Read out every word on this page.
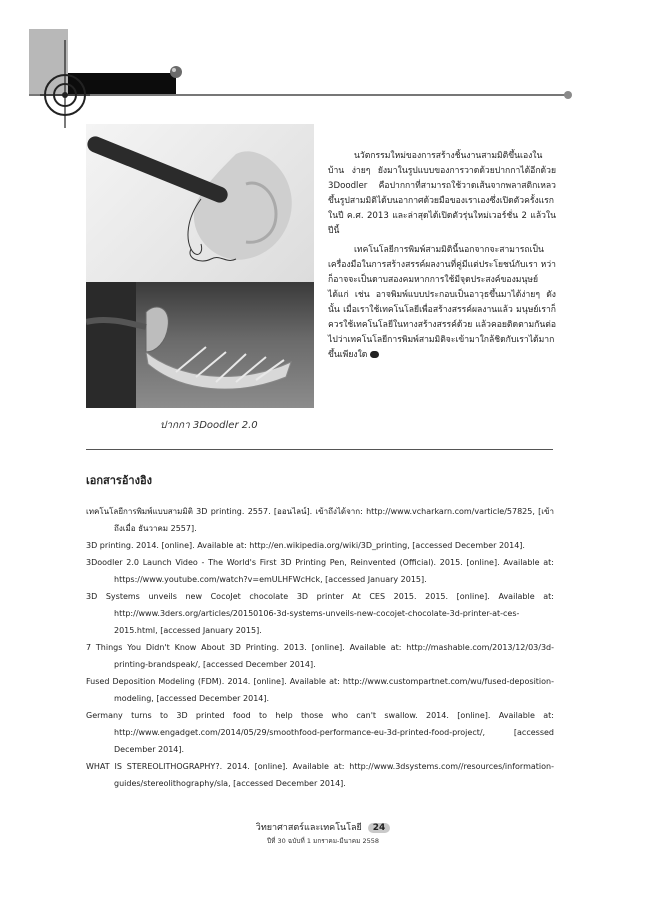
ปากกา 3Doodler 2.0
นวัตกรรมใหม่ของการสร้างชิ้นงานสามมิติขึ้นเองในบ้าน ง่ายๆ ยังมาในรูปแบบของการวาดด้วยปากกาได้อีกด้วย 3Doodler คือปากกาที่สามารถใช้วาดเส้นจากพลาสติกเหลวขึ้นรูปสามมิติได้บนอากาศด้วยมือของเราเองซึ่งเปิดตัวครั้งแรกในปี ค.ศ. 2013 และล่าสุดได้เปิดตัวรุ่นใหม่เวอร์ชั่น 2 แล้วในปีนี้
เทคโนโลยีการพิมพ์สามมิตินี้นอกจากจะสามารถเป็นเครื่องมือในการสร้างสรรค์ผลงานที่คู่มีแต่ประโยชน์กับเรา หว่าก็อาจจะเป็นดาบสองคมหากการใช้มีจุดประสงค์ของมนุษย์ได้แก่ เช่น อาจพิมพ์แบบประกอบเป็นอาวุธขึ้นมาได้ง่ายๆ ดังนั้น เมื่อเราใช้เทคโนโลยีเพื่อสร้างสรรค์ผลงานแล้ว มนุษย์เราก็ควรใช้เทคโนโลยีในทางสร้างสรรค์ด้วย แล้วคอยติดตามกันต่อไปว่าเทคโนโลยีการพิมพ์สามมิติจะเข้ามาใกล้ชิดกับเราได้มากขึ้นเพียงใด
เอกสารอ้างอิง
เทคโนโลยีการพิมพ์แบบสามมิติ 3D printing. 2557. [ออนไลน์]. เข้าถึงได้จาก: http://www.vcharkarn.com/varticle/57825, [เข้าถึงเมื่อ ธันวาคม 2557].
3D printing. 2014. [online]. Available at: http://en.wikipedia.org/wiki/3D_printing, [accessed December 2014].
3Doodler 2.0 Launch Video - The World's First 3D Printing Pen, Reinvented (Official). 2015. [online]. Available at: https://www.youtube.com/watch?v=emULHFWcHck, [accessed January 2015].
3D Systems unveils new CocoJet chocolate 3D printer At CES 2015. 2015. [online]. Available at: http://www.3ders.org/articles/20150106-3d-systems-unveils-new-cocojet-chocolate-3d-printer-at-ces-2015.html, [accessed January 2015].
7 Things You Didn't Know About 3D Printing. 2013. [online]. Available at: http://mashable.com/2013/12/03/3d-printing-brandspeak/, [accessed December 2014].
Fused Deposition Modeling (FDM). 2014. [online]. Available at: http://www.custompartnet.com/wu/fused-deposition-modeling, [accessed December 2014].
Germany turns to 3D printed food to help those who can't swallow. 2014. [online]. Available at: http://www.engadget.com/2014/05/29/smoothfood-performance-eu-3d-printed-food-project/, [accessed December 2014].
WHAT IS STEREOLITHOGRAPHY?. 2014. [online]. Available at: http://www.3dsystems.com//resources/information-guides/stereolithography/sla, [accessed December 2014].
วิทยาศาสตร์และเทคโนโลยี 24
ปีที่ 30 ฉบับที่ 1 มกราคม-มีนาคม 2558
